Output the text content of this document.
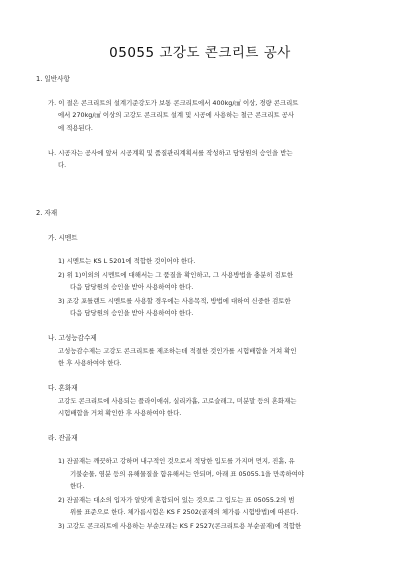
05055 고강도 콘크리트 공사
1. 일반사항
가. 이 절은 콘크리트의 설계기준강도가 보통 콘크리트에서 400kg/㎠ 이상, 경량 콘크리트
에서 270kg/㎠ 이상의 고강도 콘크리트 설계 및 시공에 사용하는 철근 콘크리트 공사
에 적용된다.
나. 시공자는 공사에 앞서 시공계획 및 품질관리계획서를 작성하고 담당원의 승인을 받는
다.
2. 자재
가. 시멘트
1) 시멘트는 KS L 5201에 적합한 것이어야 한다.
2) 위 1)이외의 시멘트에 대해서는 그 품질을 확인하고, 그 사용방법을 충분히 검토한
다음 담당원의 승인을 받아 사용하여야 한다.
3) 조강 포틀랜드 시멘트를 사용할 경우에는 사용목적, 방법에 대하여 신중한 검토한
다음 담당원의 승인을 받아 사용하여야 한다.
나. 고성능감수제
고성능감수제는 고강도 콘크리트를 제조하는데 적절한 것인가를 시험배합을 거쳐 확인
한 후 사용하여야 한다.
다. 혼화재
고강도 콘크리트에 사용되는 플라이애쉬, 실리카흄, 고로슬래그, 미분말 등의 혼화재는
시험배합을 거쳐 확인한 후 사용하여야 한다.
라. 잔골재
1) 잔골재는 깨끗하고 강하며 내구적인 것으로서 적당한 입도를 가지며 먼지, 진흙, 유
기불순물, 염분 등의 유해물질을 함유해서는 안되며, 아래 표 05055.1을 만족하여야
한다.
2) 잔골재는 대소의 입자가 알맞게 혼합되어 있는 것으로 그 입도는 표 05055.2의 범
위를 표준으로 한다. 체가름시험은 KS F 2502(골재의 체가름 시험방법)에 따른다.
3) 고강도 콘크리트에 사용하는 부순모래는 KS F 2527(콘크리트용 부순골재)에 적합한
